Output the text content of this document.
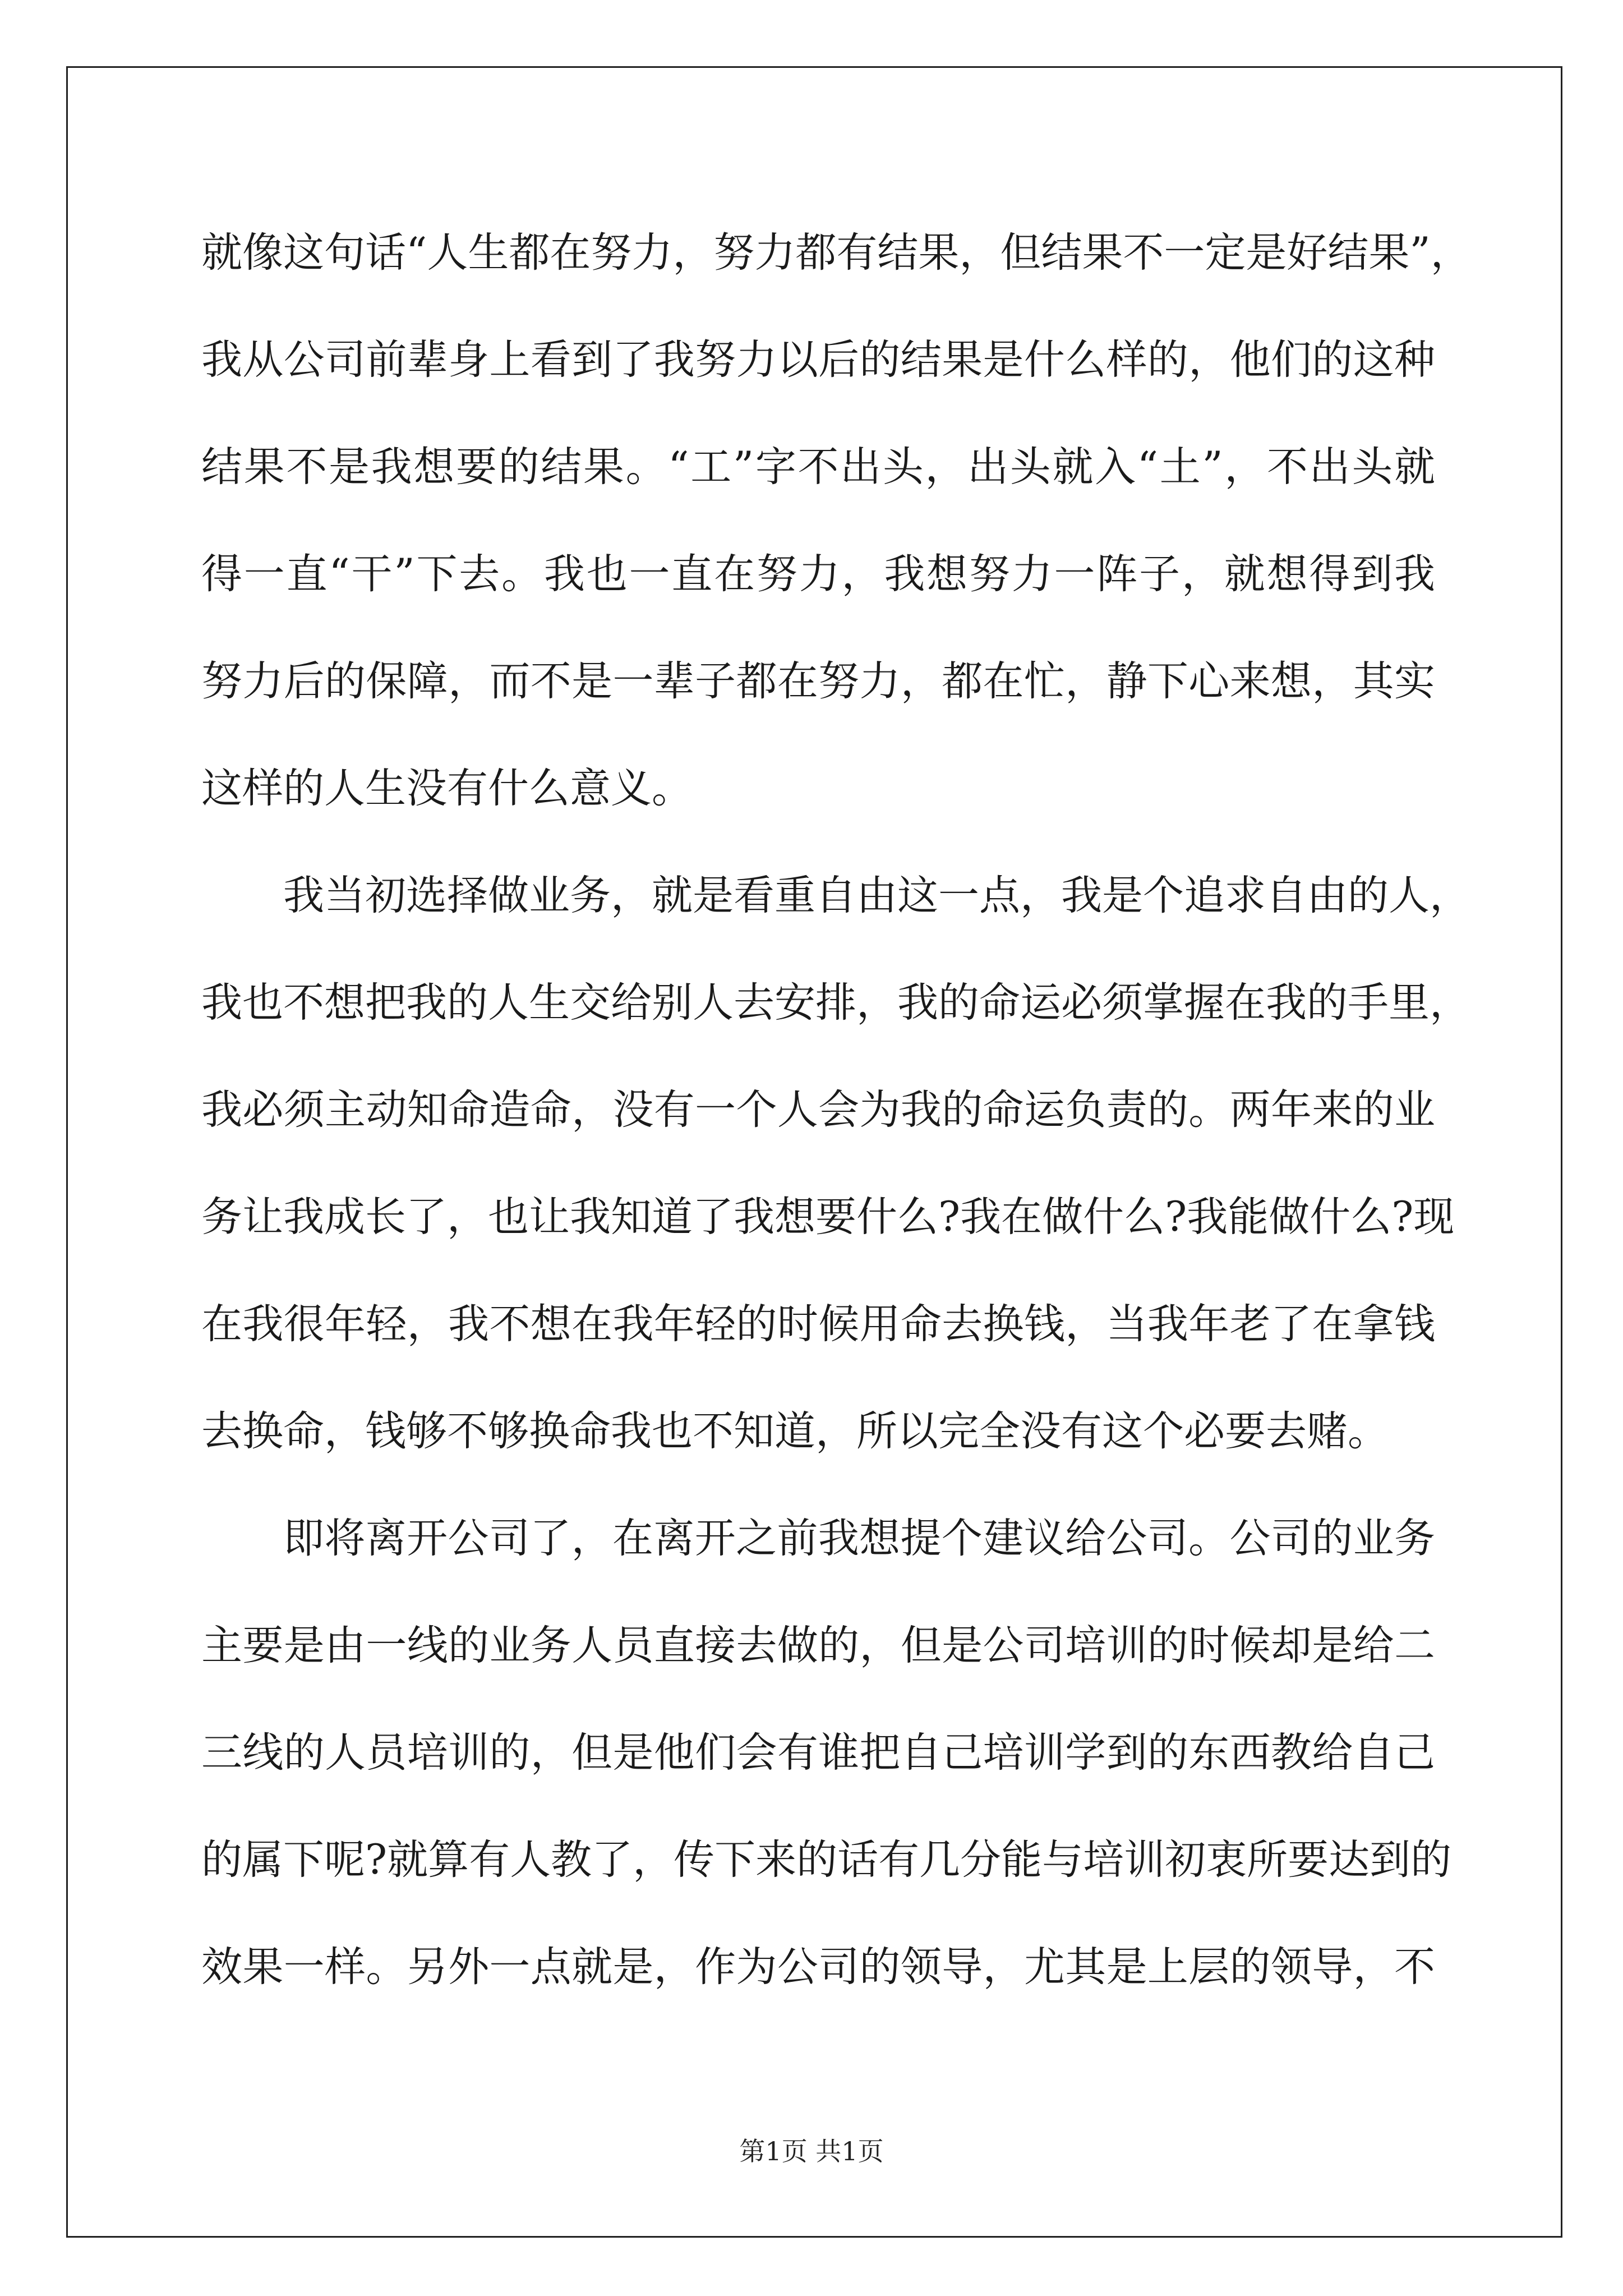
就像这句话“人生都在努力，努力都有结果，但结果不一定是好结果”，
我从公司前辈身上看到了我努力以后的结果是什么样的，他们的这种
结果不是我想要的结果。“工”字不出头，出头就入“土”，不出头就
得一直“干”下去。我也一直在努力，我想努力一阵子，就想得到我
努力后的保障，而不是一辈子都在努力，都在忙，静下心来想，其实
这样的人生没有什么意义。
我当初选择做业务，就是看重自由这一点，我是个追求自由的人，
我也不想把我的人生交给别人去安排，我的命运必须掌握在我的手里，
我必须主动知命造命，没有一个人会为我的命运负责的。两年来的业
务让我成长了，也让我知道了我想要什么?我在做什么?我能做什么?现
在我很年轻，我不想在我年轻的时候用命去换钱，当我年老了在拿钱
去换命，钱够不够换命我也不知道，所以完全没有这个必要去赌。
即将离开公司了，在离开之前我想提个建议给公司。公司的业务
主要是由一线的业务人员直接去做的，但是公司培训的时候却是给二
三线的人员培训的，但是他们会有谁把自己培训学到的东西教给自己
的属下呢?就算有人教了，传下来的话有几分能与培训初衷所要达到的
效果一样。另外一点就是，作为公司的领导，尤其是上层的领导，不
第1页 共1页
